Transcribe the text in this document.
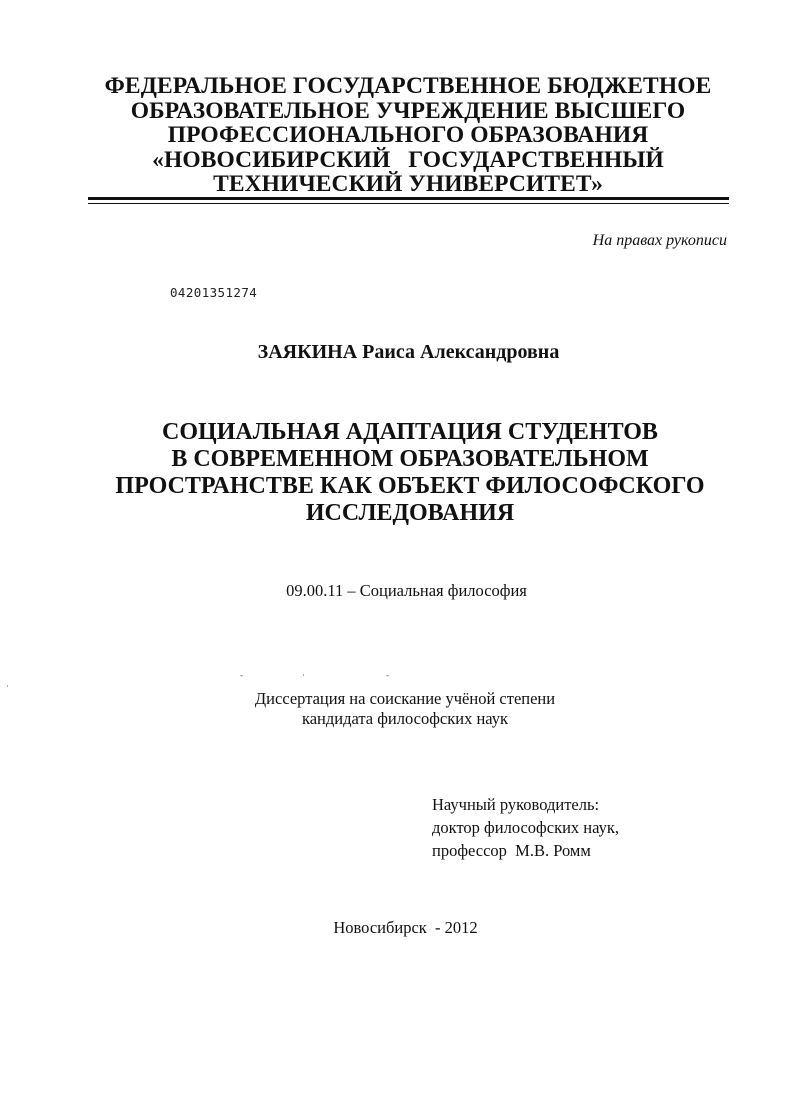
ФЕДЕРАЛЬНОЕ ГОСУДАРСТВЕННОЕ БЮДЖЕТНОЕ
ОБРАЗОВАТЕЛЬНОЕ УЧРЕЖДЕНИЕ ВЫСШЕГО
ПРОФЕССИОНАЛЬНОГО ОБРАЗОВАНИЯ
«НОВОСИБИРСКИЙ   ГОСУДАРСТВЕННЫЙ
ТЕХНИЧЕСКИЙ УНИВЕРСИТЕТ»
На правах рукописи
04201351274
ЗАЯКИНА Раиса Александровна
СОЦИАЛЬНАЯ АДАПТАЦИЯ СТУДЕНТОВ
В СОВРЕМЕННОМ ОБРАЗОВАТЕЛЬНОМ
ПРОСТРАНСТВЕ КАК ОБЪЕКТ ФИЛОСОФСКОГО
ИССЛЕДОВАНИЯ
09.00.11 – Социальная философия
-	·	-
·
Диссертация на соискание учёной степени
кандидата философских наук
Научный руководитель:
доктор философских наук,
профессор  М.В. Ромм
Новосибирск  - 2012
